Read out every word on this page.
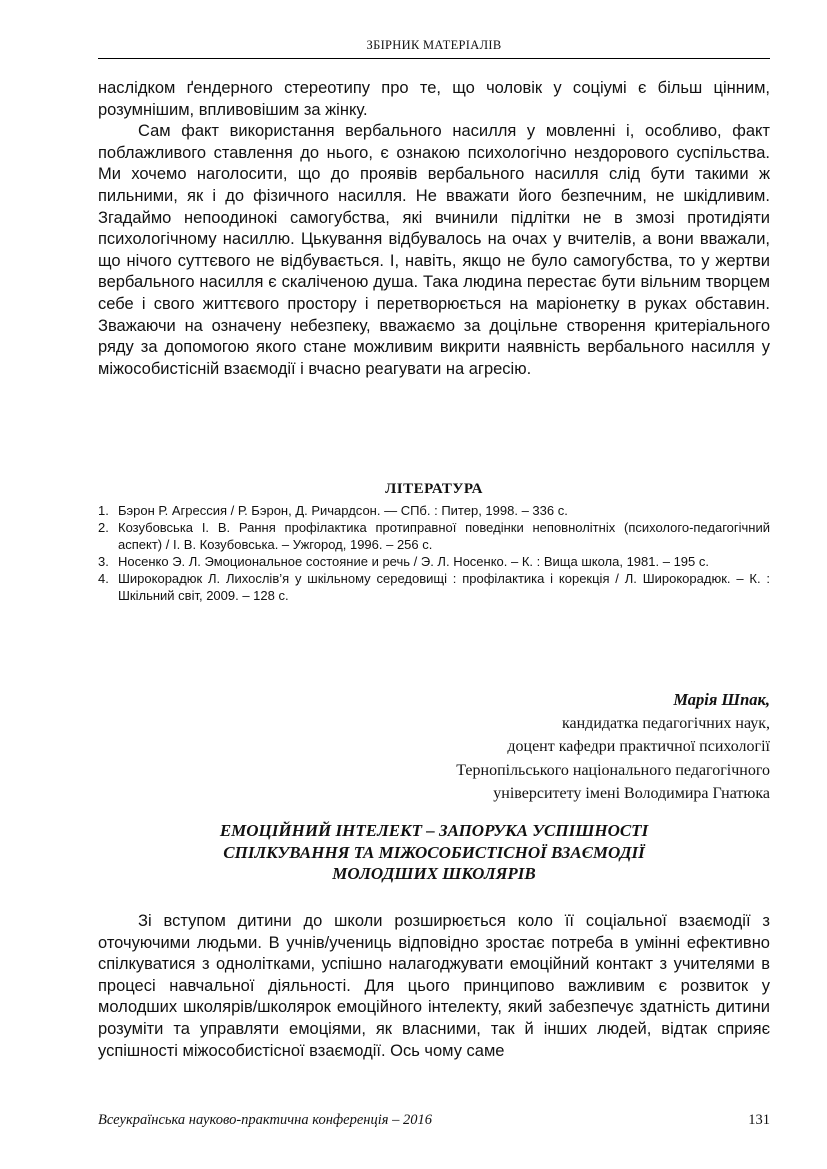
ЗБІРНИК МАТЕРІАЛІВ

наслідком ґендерного стереотипу про те, що чоловік у соціумі є більш цінним, розумнішим, впливовішим за жінку.

Сам факт використання вербального насилля у мовленні і, особливо, факт поблажливого ставлення до нього, є ознакою психологічно нездорового суспільства. Ми хочемо наголосити, що до проявів вербального насилля слід бути такими ж пильними, як і до фізичного насилля. Не вважати його безпечним, не шкідливим. Згадаймо непоодинокі самогубства, які вчинили підлітки не в змозі протидіяти психологічному насиллю. Цькування відбувалось на очах у вчителів, а вони вважали, що нічого суттєвого не відбувається. І, навіть, якщо не було самогубства, то у жертви вербального насилля є скаліченою душа. Така людина перестає бути вільним творцем себе і свого життєвого простору і перетворюється на маріонетку в руках обставин. Зважаючи на означену небезпеку, вважаємо за доцільне створення критеріального ряду за допомогою якого стане можливим викрити наявність вербального насилля у міжособистісній взаємодії і вчасно реагувати на агресію.

ЛІТЕРАТУРА
1. Бэрон Р. Агрессия / Р. Бэрон, Д. Ричардсон. — СПб. : Питер, 1998. – 336 с.
2. Козубовська І. В. Рання профілактика протиправної поведінки неповнолітніх (психолого-педагогічний аспект) / І. В. Козубовська. – Ужгород, 1996. – 256 с.
3. Носенко Э. Л. Эмоциональное состояние и речь / Э. Л. Носенко. – К. : Вища школа, 1981. – 195 с.
4. Широкорадюк Л. Лихослів’я у шкільному середовищі : профілактика і корекція / Л. Широкорадюк. – К. : Шкільний світ, 2009. – 128 с.
Марія Шпак,
кандидатка педагогічних наук,
доцент кафедри практичної психології
Тернопільського національного педагогічного
університету імені Володимира Гнатюка
ЕМОЦІЙНИЙ ІНТЕЛЕКТ – ЗАПОРУКА УСПІШНОСТІ
СПІЛКУВАННЯ ТА МІЖОСОБИСТІСНОЇ ВЗАЄМОДІЇ
МОЛОДШИХ ШКОЛЯРІВ

Зі вступом дитини до школи розширюється коло її соціальної взаємодії з оточуючими людьми. В учнів/учениць відповідно зростає потреба в умінні ефективно спілкуватися з однолітками, успішно налагоджувати емоційний контакт з учителями в процесі навчальної діяльності. Для цього принципово важливим є розвиток у молодших школярів/школярок емоційного інтелекту, який забезпечує здатність дитини розуміти та управляти емоціями, як власними, так й інших людей, відтак сприяє успішності міжособистісної взаємодії. Ось чому саме

Всеукраїнська науково-практична конференція – 2016	131
